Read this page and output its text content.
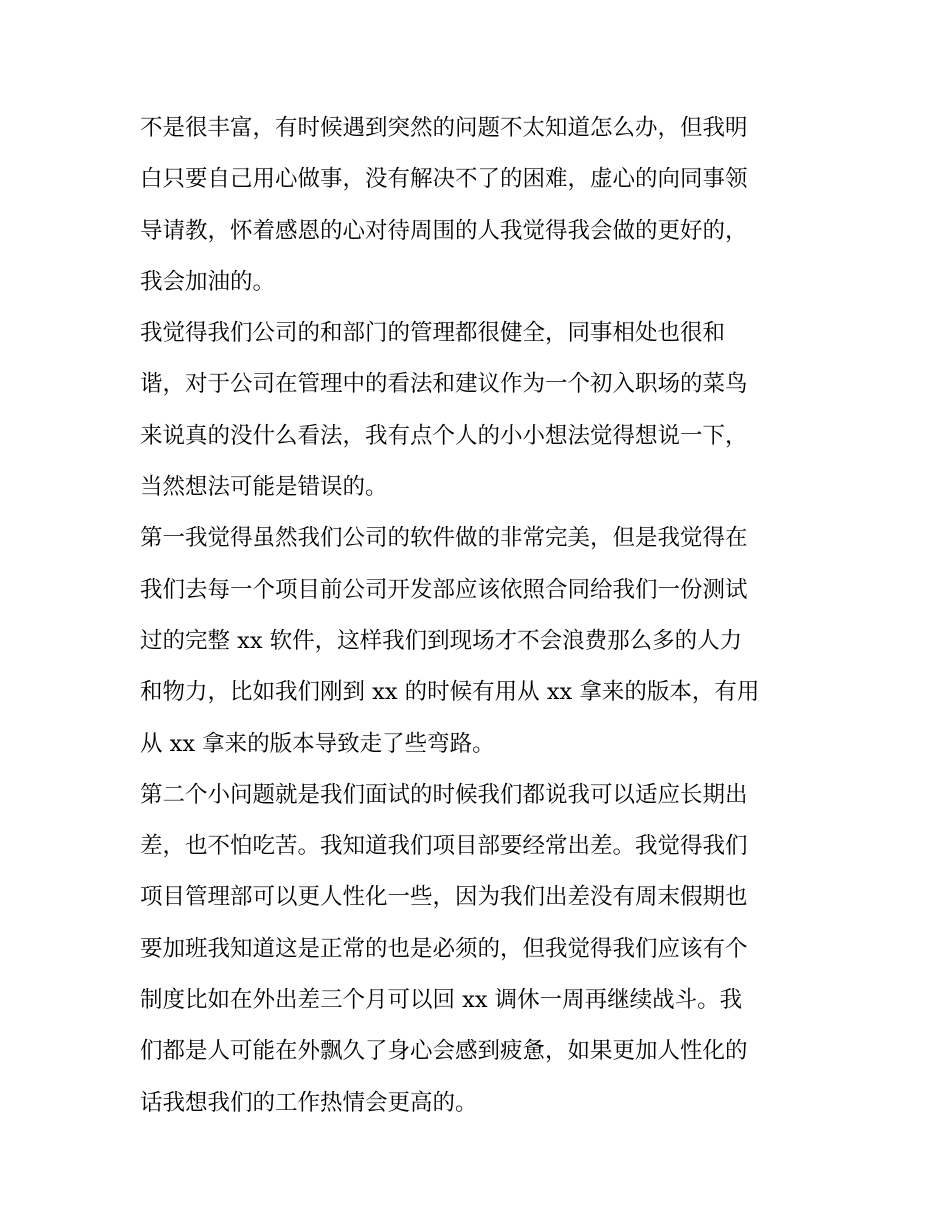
不是很丰富，有时候遇到突然的问题不太知道怎么办，但我明
白只要自己用心做事，没有解决不了的困难，虚心的向同事领
导请教，怀着感恩的心对待周围的人我觉得我会做的更好的，
我会加油的。
我觉得我们公司的和部门的管理都很健全，同事相处也很和
谐，对于公司在管理中的看法和建议作为一个初入职场的菜鸟
来说真的没什么看法，我有点个人的小小想法觉得想说一下，
当然想法可能是错误的。
第一我觉得虽然我们公司的软件做的非常完美，但是我觉得在
我们去每一个项目前公司开发部应该依照合同给我们一份测试
过的完整 xx 软件，这样我们到现场才不会浪费那么多的人力
和物力，比如我们刚到 xx 的时候有用从 xx 拿来的版本，有用
从 xx 拿来的版本导致走了些弯路。
第二个小问题就是我们面试的时候我们都说我可以适应长期出
差，也不怕吃苦。我知道我们项目部要经常出差。我觉得我们
项目管理部可以更人性化一些，因为我们出差没有周末假期也
要加班我知道这是正常的也是必须的，但我觉得我们应该有个
制度比如在外出差三个月可以回 xx 调休一周再继续战斗。我
们都是人可能在外飘久了身心会感到疲惫，如果更加人性化的
话我想我们的工作热情会更高的。
